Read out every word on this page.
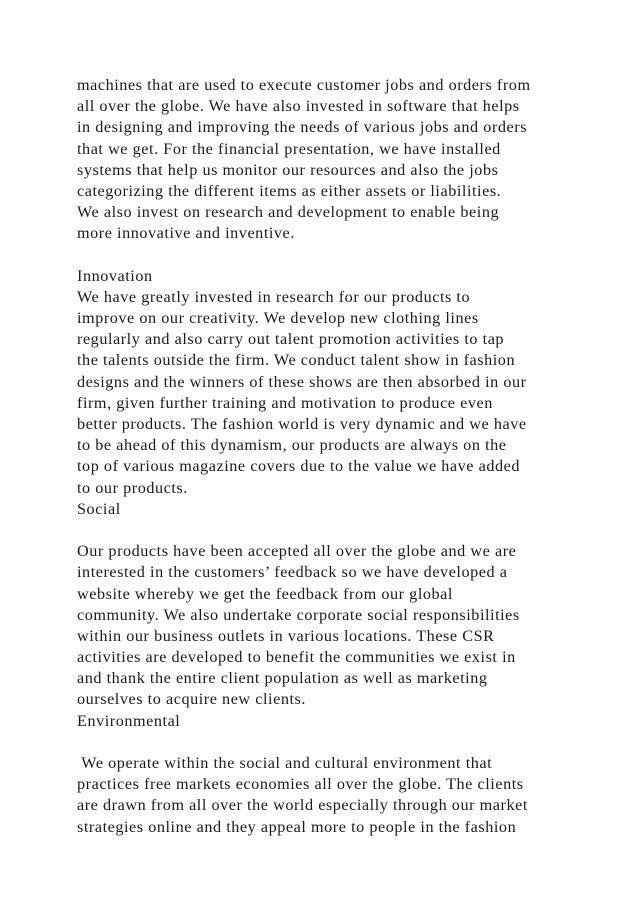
machines that are used to execute customer jobs and orders from
all over the globe. We have also invested in software that helps
in designing and improving the needs of various jobs and orders
that we get. For the financial presentation, we have installed
systems that help us monitor our resources and also the jobs
categorizing the different items as either assets or liabilities.
We also invest on research and development to enable being
more innovative and inventive.
Innovation
We have greatly invested in research for our products to
improve on our creativity. We develop new clothing lines
regularly and also carry out talent promotion activities to tap
the talents outside the firm. We conduct talent show in fashion
designs and the winners of these shows are then absorbed in our
firm, given further training and motivation to produce even
better products. The fashion world is very dynamic and we have
to be ahead of this dynamism, our products are always on the
top of various magazine covers due to the value we have added
to our products.
Social
Our products have been accepted all over the globe and we are
interested in the customers’ feedback so we have developed a
website whereby we get the feedback from our global
community. We also undertake corporate social responsibilities
within our business outlets in various locations. These CSR
activities are developed to benefit the communities we exist in
and thank the entire client population as well as marketing
ourselves to acquire new clients.
Environmental
We operate within the social and cultural environment that
practices free markets economies all over the globe. The clients
are drawn from all over the world especially through our market
strategies online and they appeal more to people in the fashion
